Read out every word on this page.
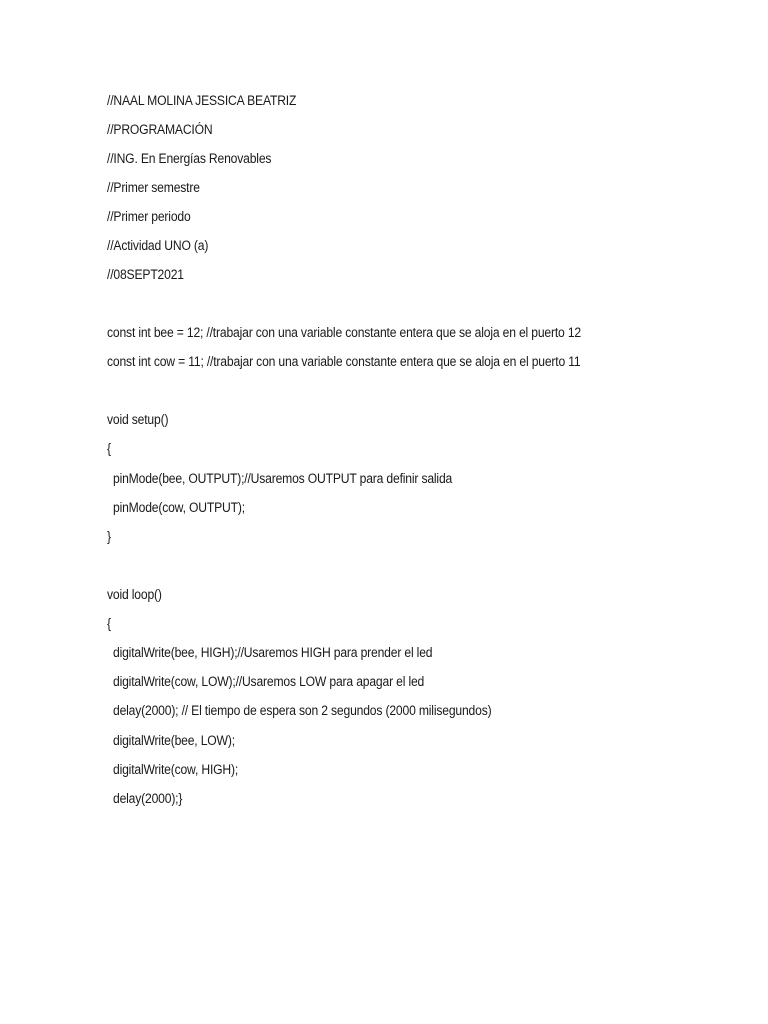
//NAAL MOLINA JESSICA BEATRIZ
//PROGRAMACIÓN
//ING. En Energías Renovables
//Primer semestre
//Primer periodo
//Actividad UNO (a)
//08SEPT2021
const int bee = 12; //trabajar con una variable constante entera que se aloja en el puerto 12
const int cow = 11; //trabajar con una variable constante entera que se aloja en el puerto 11
void setup()
{
pinMode(bee, OUTPUT);//Usaremos OUTPUT para definir salida
pinMode(cow, OUTPUT);
}
void loop()
{
digitalWrite(bee, HIGH);//Usaremos HIGH para prender el led
digitalWrite(cow, LOW);//Usaremos LOW para apagar el led
delay(2000); // El tiempo de espera son 2 segundos (2000 milisegundos)
digitalWrite(bee, LOW);
digitalWrite(cow, HIGH);
delay(2000);}
